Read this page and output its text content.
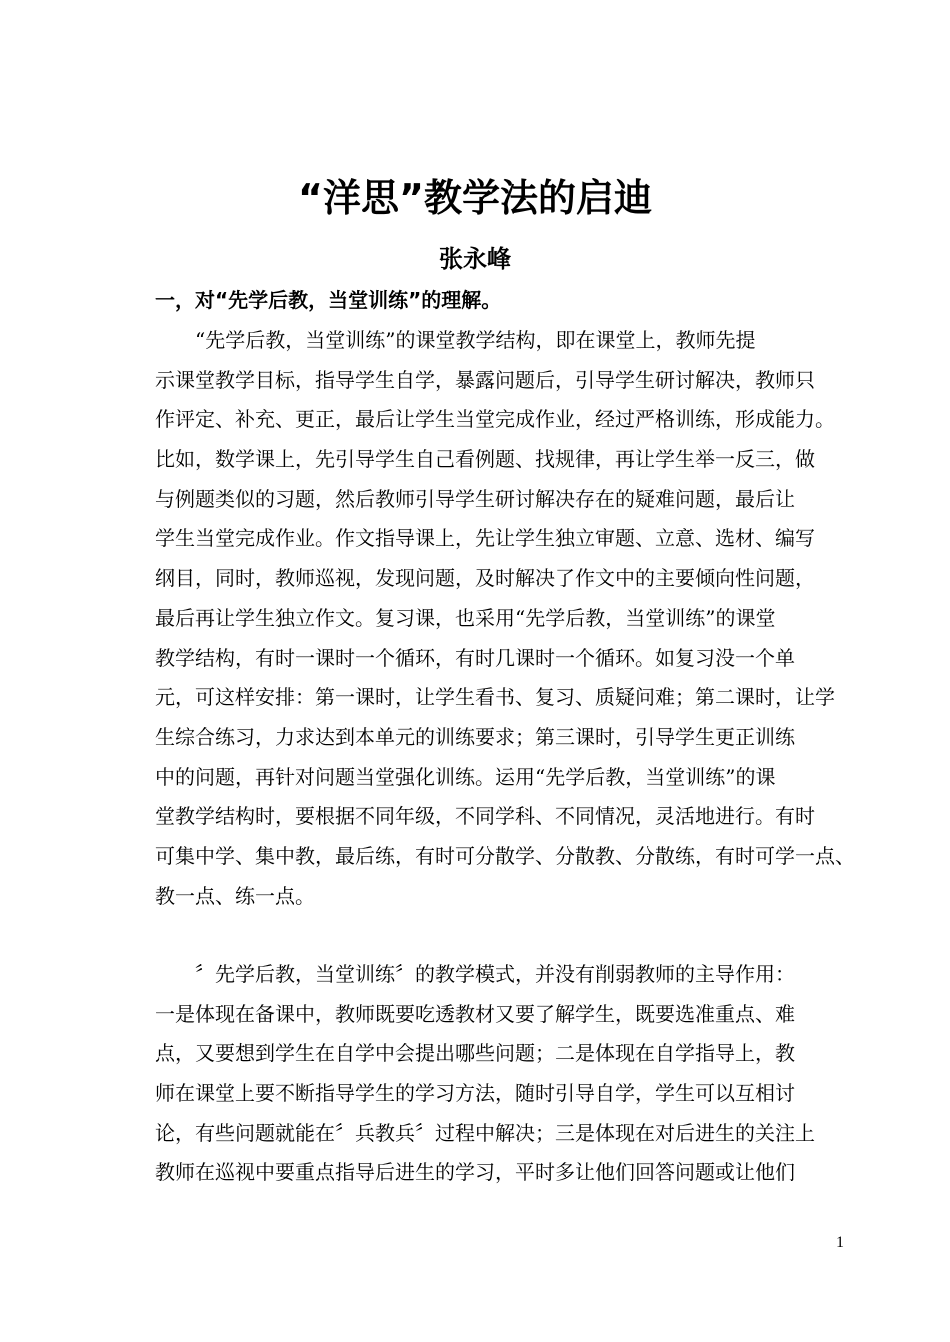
“洋思”教学法的启迪
张永峰
一，对“先学后教，当堂训练”的理解。
　　“先学后教，当堂训练”的课堂教学结构，即在课堂上，教师先提
示课堂教学目标，指导学生自学，暴露问题后，引导学生研讨解决，教师只
作评定、补充、更正，最后让学生当堂完成作业，经过严格训练，形成能力。
比如，数学课上，先引导学生自己看例题、找规律，再让学生举一反三，做
与例题类似的习题，然后教师引导学生研讨解决存在的疑难问题，最后让
学生当堂完成作业。作文指导课上，先让学生独立审题、立意、选材、编写
纲目，同时，教师巡视，发现问题，及时解决了作文中的主要倾向性问题，
最后再让学生独立作文。复习课，也采用“先学后教，当堂训练”的课堂
教学结构，有时一课时一个循环，有时几课时一个循环。如复习没一个单
元，可这样安排：第一课时，让学生看书、复习、质疑问难；第二课时，让学
生综合练习，力求达到本单元的训练要求；第三课时，引导学生更正训练
中的问题，再针对问题当堂强化训练。运用“先学后教，当堂训练”的课
堂教学结构时，要根据不同年级，不同学科、不同情况，灵活地进行。有时
可集中学、集中教，最后练，有时可分散学、分散教、分散练，有时可学一点、
教一点、练一点。
　　〞先学后教，当堂训练〞的教学模式，并没有削弱教师的主导作用：
一是体现在备课中，教师既要吃透教材又要了解学生，既要选准重点、难
点，又要想到学生在自学中会提出哪些问题；二是体现在自学指导上，教
师在课堂上要不断指导学生的学习方法，随时引导自学，学生可以互相讨
论，有些问题就能在〞兵教兵〞过程中解决；三是体现在对后进生的关注上
教师在巡视中要重点指导后进生的学习，平时多让他们回答问题或让他们
1
